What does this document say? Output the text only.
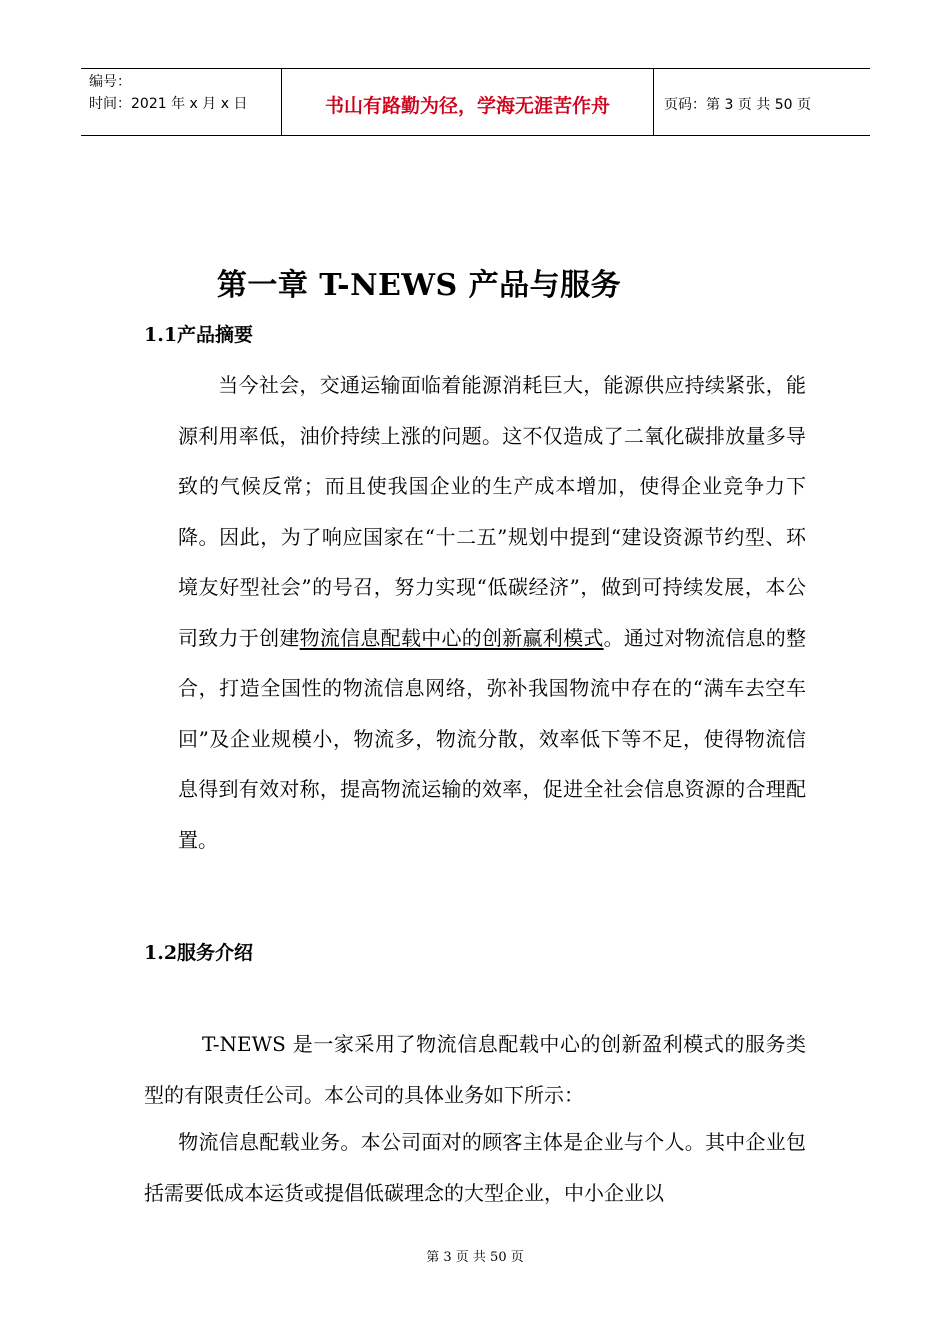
编号：
时间：2021 年 x 月 x 日	书山有路勤为径，学海无涯苦作舟	页码：第 3 页 共 50 页
第一章 T-NEWS 产品与服务
1.1产品摘要
当今社会，交通运输面临着能源消耗巨大，能源供应持续紧张，能源利用率低，油价持续上涨的问题。这不仅造成了二氧化碳排放量多导致的气候反常；而且使我国企业的生产成本增加，使得企业竞争力下降。因此，为了响应国家在“十二五”规划中提到“建设资源节约型、环境友好型社会”的号召，努力实现“低碳经济”，做到可持续发展，本公司致力于创建物流信息配载中心的创新赢利模式。通过对物流信息的整合，打造全国性的物流信息网络，弥补我国物流中存在的“满车去空车回”及企业规模小，物流多，物流分散，效率低下等不足，使得物流信息得到有效对称，提高物流运输的效率，促进全社会信息资源的合理配置。
1.2服务介绍
T-NEWS 是一家采用了物流信息配载中心的创新盈利模式的服务类型的有限责任公司。本公司的具体业务如下所示：
物流信息配载业务。本公司面对的顾客主体是企业与个人。其中企业包括需要低成本运货或提倡低碳理念的大型企业，中小企业以
第 3 页 共 50 页
